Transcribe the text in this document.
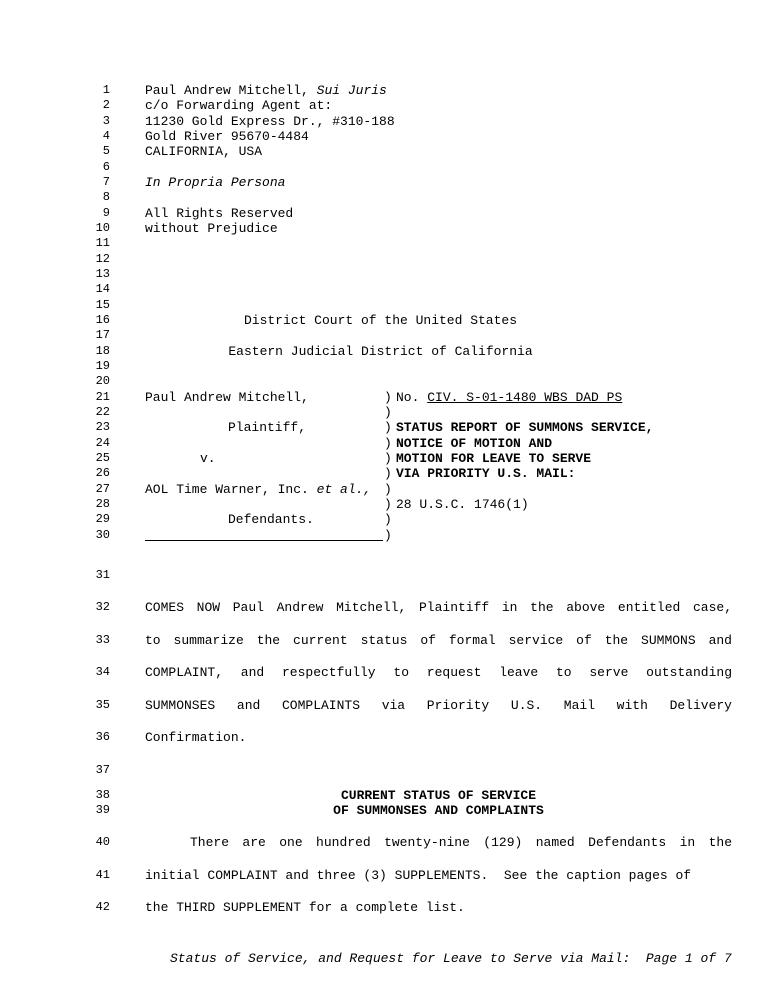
1
2
3
4
5
6
7
8
9
10
11
12
13
14
15
16
17
18
19
20
21
22
23
24
25
26
27
28
29
30
31
32
33
34
35
36
37
38
39
40
41
42
Paul Andrew Mitchell, Sui Juris
c/o Forwarding Agent at:
11230 Gold Express Dr., #310-188
Gold River 95670-4484
CALIFORNIA, USA
In Propria Persona
All Rights Reserved
without Prejudice
District Court of the United States
Eastern Judicial District of California
Paul Andrew Mitchell,
Plaintiff,
v.
AOL Time Warner, Inc. et al.,
Defendants.
)
)
)
)
)
)
)
)
)
)
No. CIV. S-01-1480 WBS DAD PS
STATUS REPORT OF SUMMONS SERVICE,
NOTICE OF MOTION AND
MOTION FOR LEAVE TO SERVE
VIA PRIORITY U.S. MAIL:
28 U.S.C. 1746(1)
COMES NOW Paul Andrew Mitchell, Plaintiff in the above entitled case,
to summarize the current status of formal service of the SUMMONS and
COMPLAINT, and respectfully to request leave to serve outstanding
SUMMONSES and COMPLAINTS via Priority U.S. Mail with Delivery
Confirmation.
CURRENT STATUS OF SERVICE
OF SUMMONSES AND COMPLAINTS
There are one hundred twenty-nine (129) named Defendants in the
initial COMPLAINT and three (3) SUPPLEMENTS.  See the caption pages of
the THIRD SUPPLEMENT for a complete list.
Status of Service, and Request for Leave to Serve via Mail:  Page 1 of 7
